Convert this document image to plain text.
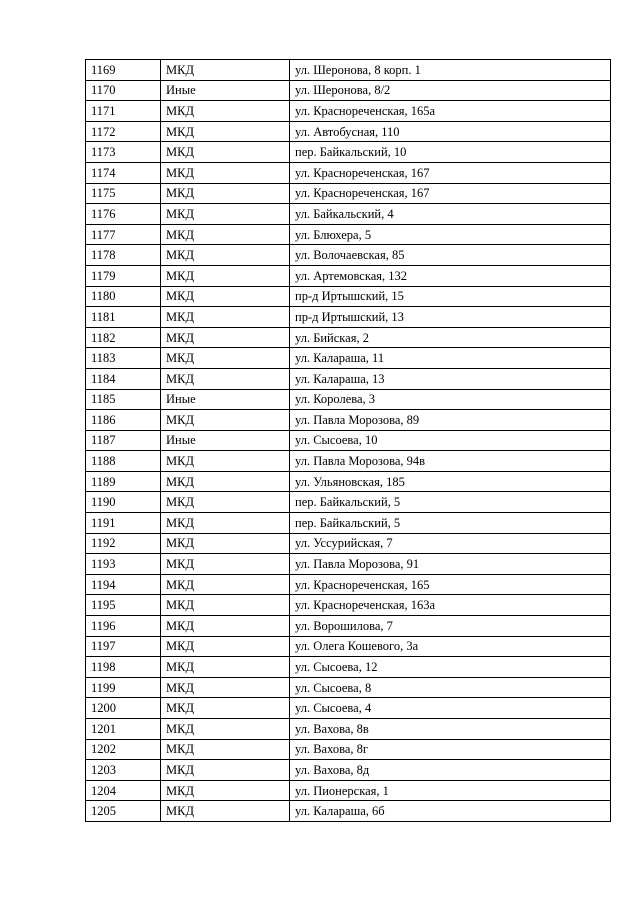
1169	МКД	ул. Шеронова, 8 корп. 1
1170	Иные	ул. Шеронова, 8/2
1171	МКД	ул. Краснореченская, 165а
1172	МКД	ул. Автобусная, 110
1173	МКД	пер. Байкальский, 10
1174	МКД	ул. Краснореченская, 167
1175	МКД	ул. Краснореченская, 167
1176	МКД	ул. Байкальский, 4
1177	МКД	ул. Блюхера, 5
1178	МКД	ул. Волочаевская, 85
1179	МКД	ул. Артемовская, 132
1180	МКД	пр-д Иртышский, 15
1181	МКД	пр-д Иртышский, 13
1182	МКД	ул. Бийская, 2
1183	МКД	ул. Калараша, 11
1184	МКД	ул. Калараша, 13
1185	Иные	ул. Королева, 3
1186	МКД	ул. Павла Морозова, 89
1187	Иные	ул. Сысоева, 10
1188	МКД	ул. Павла Морозова, 94в
1189	МКД	ул. Ульяновская, 185
1190	МКД	пер. Байкальский, 5
1191	МКД	пер. Байкальский, 5
1192	МКД	ул. Уссурийская, 7
1193	МКД	ул. Павла Морозова, 91
1194	МКД	ул. Краснореченская, 165
1195	МКД	ул. Краснореченская, 163а
1196	МКД	ул. Ворошилова, 7
1197	МКД	ул. Олега Кошевого, 3а
1198	МКД	ул. Сысоева, 12
1199	МКД	ул. Сысоева, 8
1200	МКД	ул. Сысоева, 4
1201	МКД	ул. Вахова, 8в
1202	МКД	ул. Вахова, 8г
1203	МКД	ул. Вахова, 8д
1204	МКД	ул. Пионерская, 1
1205	МКД	ул. Калараша, 6б
